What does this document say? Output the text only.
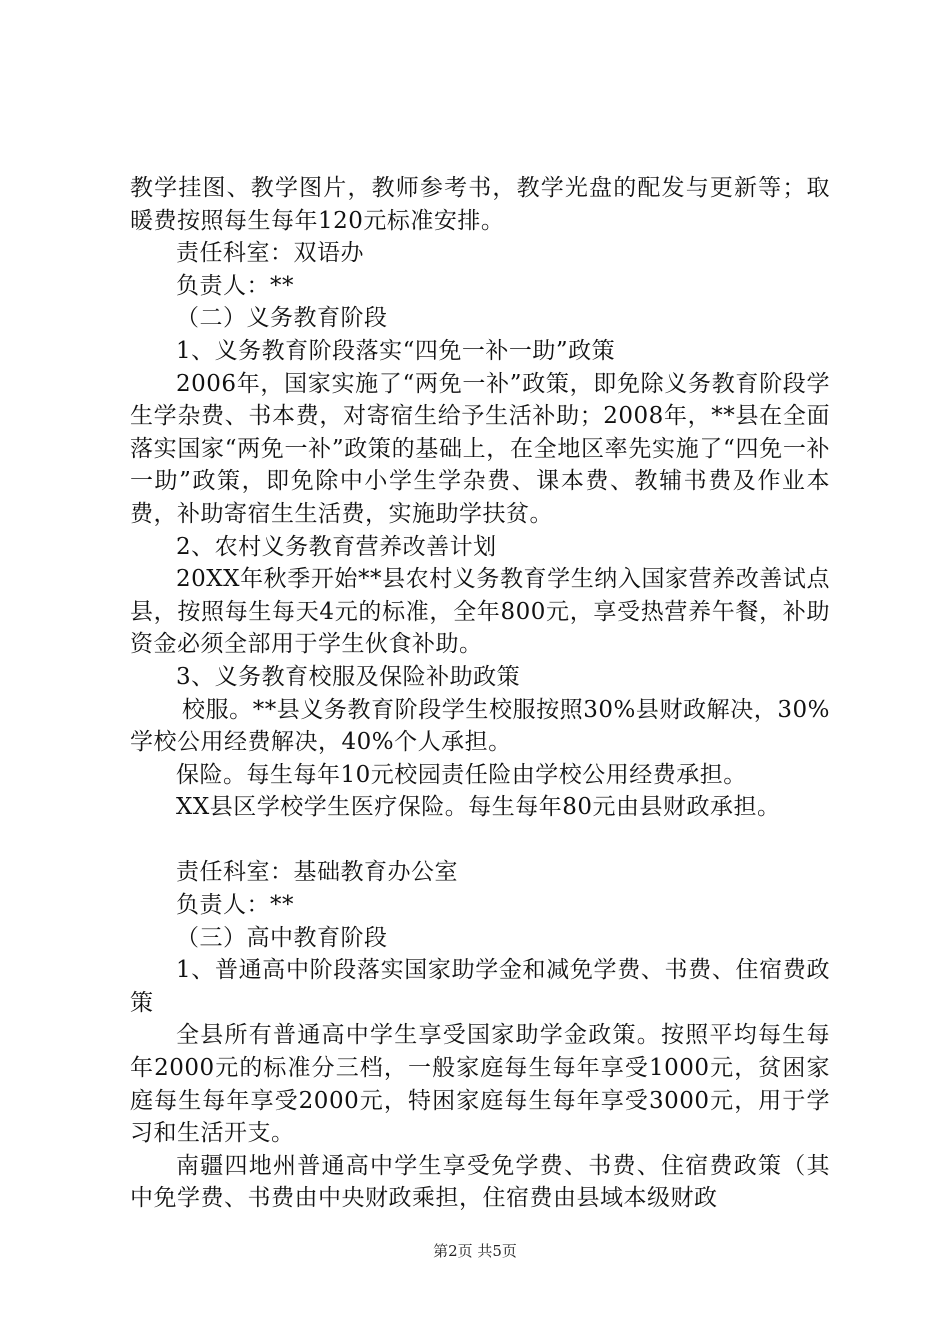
教学挂图、教学图片，教师参考书，教学光盘的配发与更新等；取暖费按照每生每年120元标准安排。

责任科室：双语办

负责人：**

（二）义务教育阶段

1、义务教育阶段落实“四免一补一助”政策

2006年，国家实施了“两免一补”政策，即免除义务教育阶段学生学杂费、书本费，对寄宿生给予生活补助；2008年，**县在全面落实国家“两免一补”政策的基础上，在全地区率先实施了“四免一补一助”政策，即免除中小学生学杂费、课本费、教辅书费及作业本费，补助寄宿生生活费，实施助学扶贫。

2、农村义务教育营养改善计划

20XX年秋季开始**县农村义务教育学生纳入国家营养改善试点县，按照每生每天4元的标准，全年800元，享受热营养午餐，补助资金必须全部用于学生伙食补助。

3、义务教育校服及保险补助政策

校服。**县义务教育阶段学生校服按照30%县财政解决，30%学校公用经费解决，40%个人承担。

保险。每生每年10元校园责任险由学校公用经费承担。

XX县区学校学生医疗保险。每生每年80元由县财政承担。

责任科室：基础教育办公室

负责人：**

（三）高中教育阶段

1、普通高中阶段落实国家助学金和减免学费、书费、住宿费政策

全县所有普通高中学生享受国家助学金政策。按照平均每生每年2000元的标准分三档，一般家庭每生每年享受1000元，贫困家庭每生每年享受2000元，特困家庭每生每年享受3000元，用于学习和生活开支。

南疆四地州普通高中学生享受免学费、书费、住宿费政策（其中免学费、书费由中央财政乘担，住宿费由县域本级财政

第2页 共5页
